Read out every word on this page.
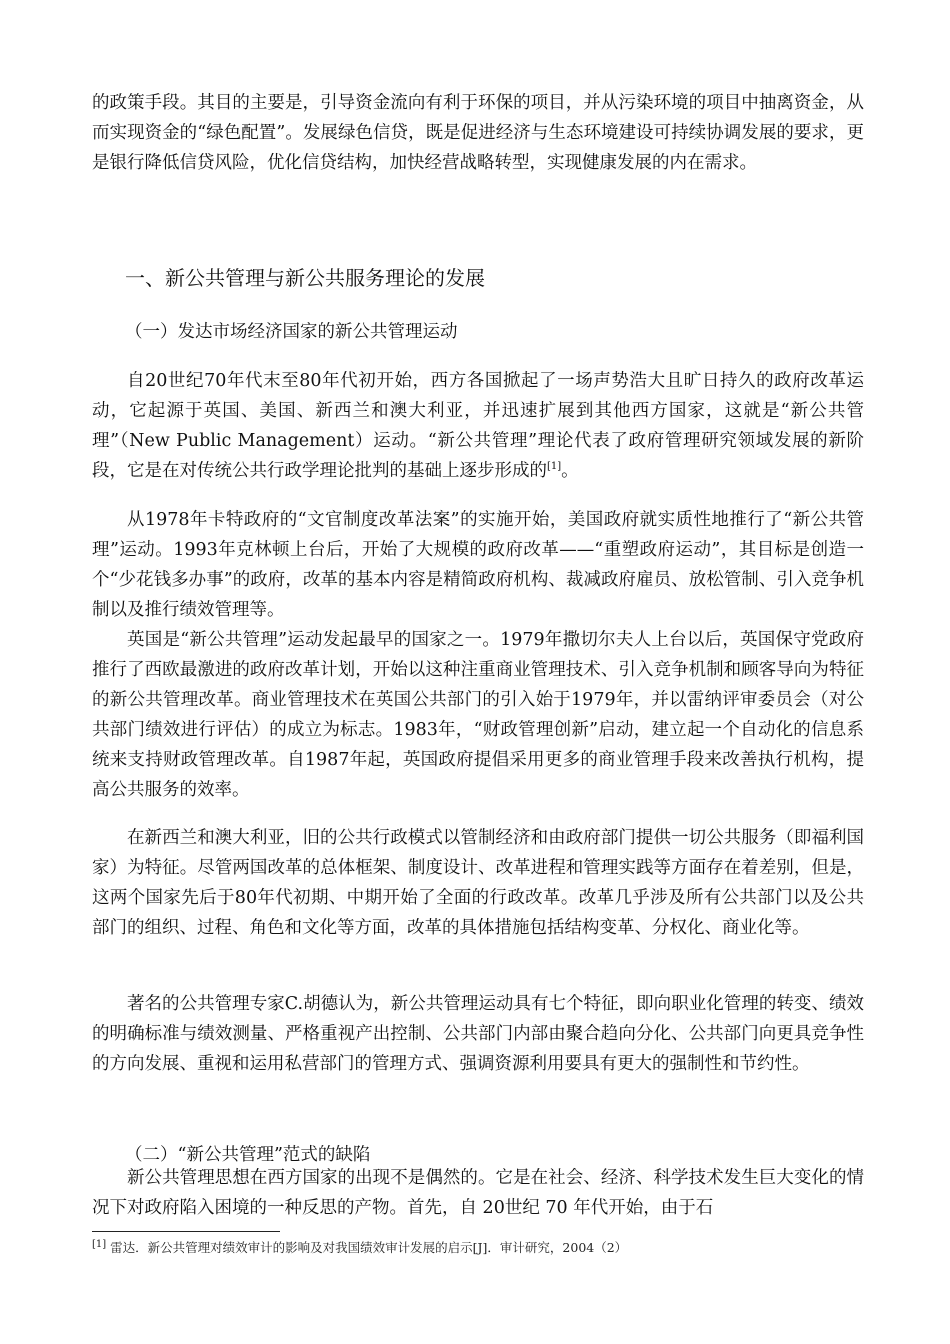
的政策手段。其目的主要是，引导资金流向有利于环保的项目，并从污染环境的项目中抽离资金，从而实现资金的“绿色配置”。发展绿色信贷，既是促进经济与生态环境建设可持续协调发展的要求，更是银行降低信贷风险，优化信贷结构，加快经营战略转型，实现健康发展的内在需求。

一、新公共管理与新公共服务理论的发展
（一）发达市场经济国家的新公共管理运动

自20世纪70年代末至80年代初开始，西方各国掀起了一场声势浩大且旷日持久的政府改革运动，它起源于英国、美国、新西兰和澳大利亚，并迅速扩展到其他西方国家，这就是“新公共管理”（New Public Management）运动。“新公共管理”理论代表了政府管理研究领域发展的新阶段，它是在对传统公共行政学理论批判的基础上逐步形成的[1]。

从1978年卡特政府的“文官制度改革法案”的实施开始，美国政府就实质性地推行了“新公共管理”运动。1993年克林顿上台后，开始了大规模的政府改革——“重塑政府运动”，其目标是创造一个“少花钱多办事”的政府，改革的基本内容是精简政府机构、裁减政府雇员、放松管制、引入竞争机制以及推行绩效管理等。

英国是“新公共管理”运动发起最早的国家之一。1979年撒切尔夫人上台以后，英国保守党政府推行了西欧最激进的政府改革计划，开始以这种注重商业管理技术、引入竞争机制和顾客导向为特征的新公共管理改革。商业管理技术在英国公共部门的引入始于1979年，并以雷纳评审委员会（对公共部门绩效进行评估）的成立为标志。1983年，“财政管理创新”启动，建立起一个自动化的信息系统来支持财政管理改革。自1987年起，英国政府提倡采用更多的商业管理手段来改善执行机构，提高公共服务的效率。

在新西兰和澳大利亚，旧的公共行政模式以管制经济和由政府部门提供一切公共服务（即福利国家）为特征。尽管两国改革的总体框架、制度设计、改革进程和管理实践等方面存在着差别，但是，这两个国家先后于80年代初期、中期开始了全面的行政改革。改革几乎涉及所有公共部门以及公共部门的组织、过程、角色和文化等方面，改革的具体措施包括结构变革、分权化、商业化等。

著名的公共管理专家C.胡德认为，新公共管理运动具有七个特征，即向职业化管理的转变、绩效的明确标准与绩效测量、严格重视产出控制、公共部门内部由聚合趋向分化、公共部门向更具竞争性的方向发展、重视和运用私营部门的管理方式、强调资源利用要具有更大的强制性和节约性。

（二）“新公共管理”范式的缺陷

新公共管理思想在西方国家的出现不是偶然的。它是在社会、经济、科学技术发生巨大变化的情况下对政府陷入困境的一种反思的产物。首先，自 20世纪 70 年代开始，由于石

[1] 雷达．新公共管理对绩效审计的影响及对我国绩效审计发展的启示[J]．审计研究，2004（2）
